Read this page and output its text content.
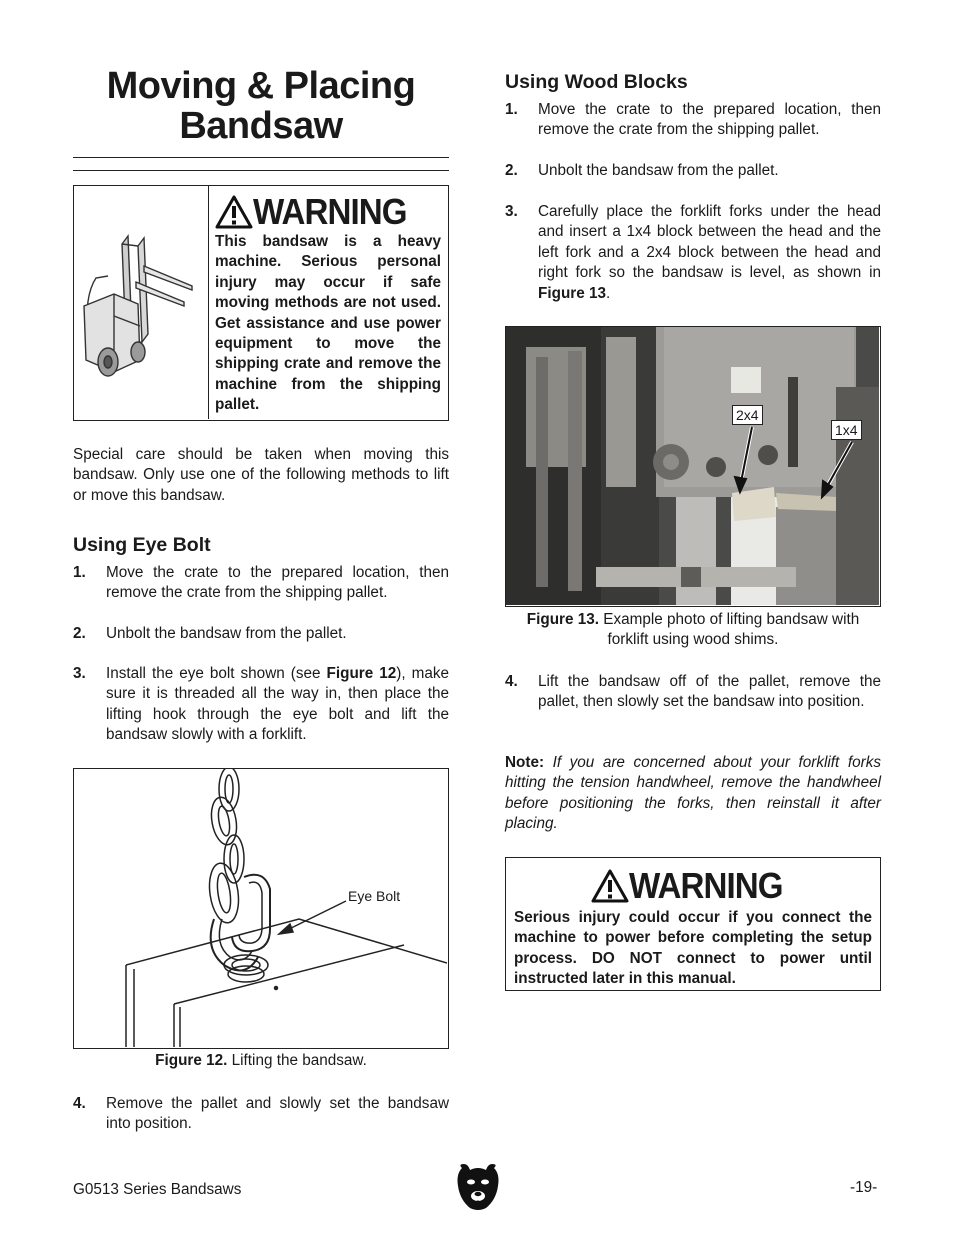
Moving & Placing
Bandsaw
WARNING
This bandsaw is a heavy machine. Serious personal injury may occur if safe moving methods are not used. Get assistance and use power equipment to move the shipping crate and remove the machine from the shipping pallet.
Special care should be taken when moving this bandsaw. Only use one of the following methods to lift or move this bandsaw.
Using Eye Bolt
1. Move the crate to the prepared location, then remove the crate from the shipping pallet.
2. Unbolt the bandsaw from the pallet.
3. Install the eye bolt shown (see Figure 12), make sure it is threaded all the way in, then place the lifting hook through the eye bolt and lift the bandsaw slowly with a forklift.
Eye Bolt
Figure 12. Lifting the bandsaw.
4. Remove the pallet and slowly set the bandsaw into position.
Using Wood Blocks
1. Move the crate to the prepared location, then remove the crate from the shipping pallet.
2. Unbolt the bandsaw from the pallet.
3. Carefully place the forklift forks under the head and insert a 1x4 block between the head and the left fork and a 2x4 block between the head and right fork so the bandsaw is level, as shown in Figure 13.
2x4
1x4
Figure 13. Example photo of lifting bandsaw with
forklift using wood shims.
4. Lift the bandsaw off of the pallet, remove the pallet, then slowly set the bandsaw into position.
Note: If you are concerned about your forklift forks hitting the tension handwheel, remove the handwheel before positioning the forks, then reinstall it after placing.
WARNING
Serious injury could occur if you connect the machine to power before completing the setup process. DO NOT connect to power until instructed later in this manual.
G0513 Series Bandsaws	-19-
